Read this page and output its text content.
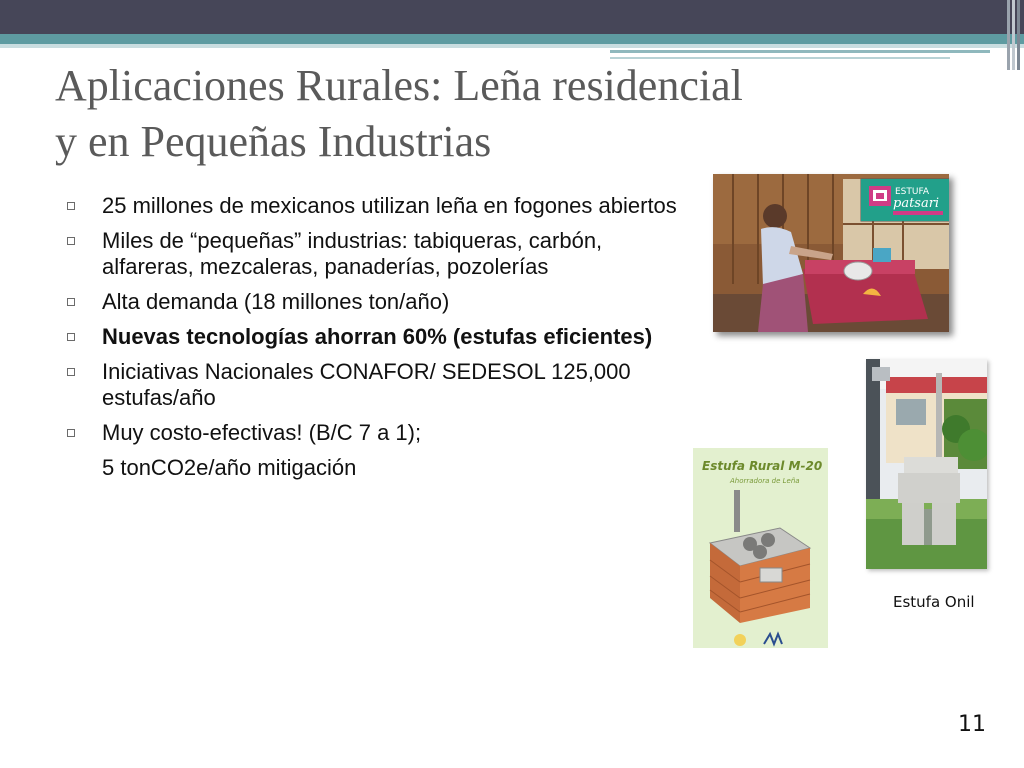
Aplicaciones Rurales: Leña residencial
y en Pequeñas Industrias
25 millones de mexicanos utilizan leña en fogones abiertos
Miles de “pequeñas” industrias: tabiqueras, carbón, alfareras, mezcaleras, panaderías, pozolerías
Alta demanda (18 millones ton/año)
Nuevas tecnologías ahorran 60% (estufas eficientes)
Iniciativas Nacionales CONAFOR/ SEDESOL 125,000 estufas/año
Muy costo-efectivas! (B/C 7 a 1);
5 tonCO2e/año mitigación
ESTUFA
patsari
Estufa Rural M-20
Ahorradora de Leña
Estufa Onil
11
